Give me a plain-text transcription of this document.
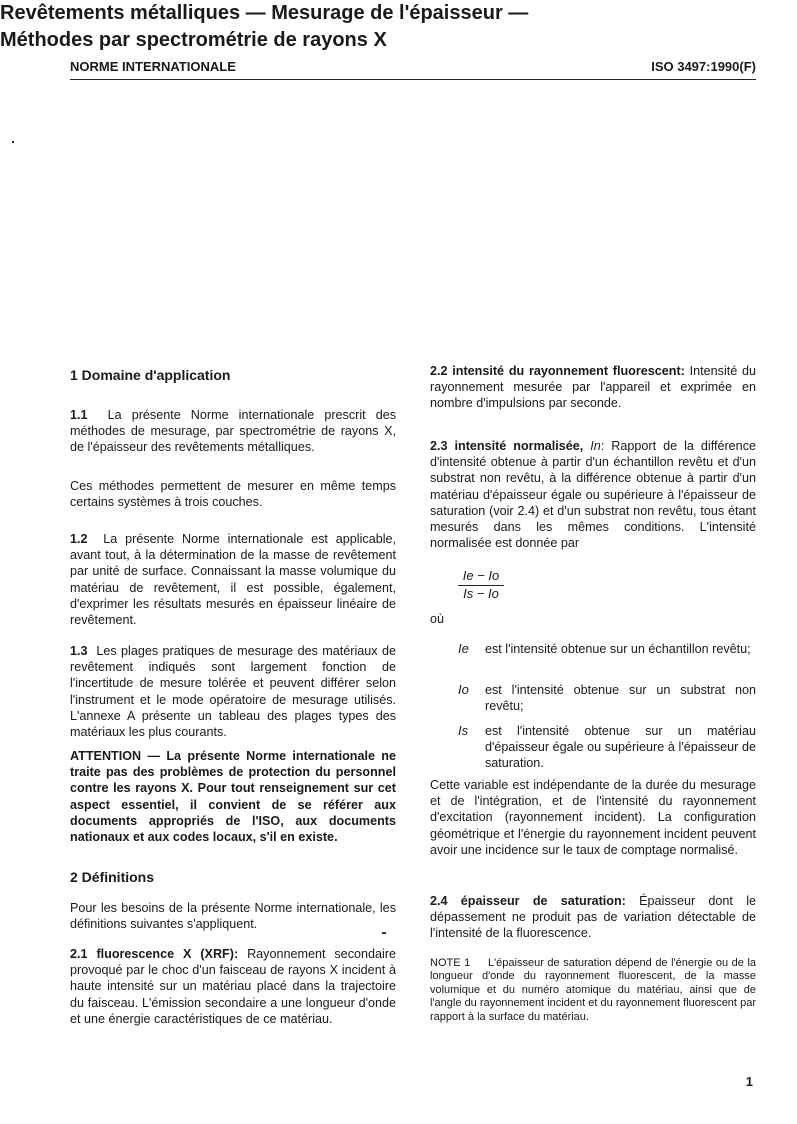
NORME INTERNATIONALE	ISO 3497:1990(F)
Revêtements métalliques — Mesurage de l'épaisseur —
Méthodes par spectrométrie de rayons X
1 Domaine d'application

1.1 La présente Norme internationale prescrit des méthodes de mesurage, par spectrométrie de rayons X, de l'épaisseur des revêtements métalliques.

Ces méthodes permettent de mesurer en même temps certains systèmes à trois couches.

1.2 La présente Norme internationale est applicable, avant tout, à la détermination de la masse de revêtement par unité de surface. Connaissant la masse volumique du matériau de revêtement, il est possible, également, d'exprimer les résultats mesurés en épaisseur linéaire de revêtement.

1.3 Les plages pratiques de mesurage des matériaux de revêtement indiqués sont largement fonction de l'incertitude de mesure tolérée et peuvent différer selon l'instrument et le mode opératoire de mesurage utilisés. L'annexe A présente un tableau des plages types des matériaux les plus courants.

ATTENTION — La présente Norme internationale ne traite pas des problèmes de protection du personnel contre les rayons X. Pour tout renseignement sur cet aspect essentiel, il convient de se référer aux documents appropriés de l'ISO, aux documents nationaux et aux codes locaux, s'il en existe.

2 Définitions

Pour les besoins de la présente Norme internationale, les définitions suivantes s'appliquent.

2.1 fluorescence X (XRF): Rayonnement secondaire provoqué par le choc d'un faisceau de rayons X incident à haute intensité sur un matériau placé dans la trajectoire du faisceau. L'émission secondaire a une longueur d'onde et une énergie caractéristiques de ce matériau.

2.2 intensité du rayonnement fluorescent: Intensité du rayonnement mesurée par l'appareil et exprimée en nombre d'impulsions par seconde.

2.3 intensité normalisée, In: Rapport de la différence d'intensité obtenue à partir d'un échantillon revêtu et d'un substrat non revêtu, à la différence obtenue à partir d'un matériau d'épaisseur égale ou supérieure à l'épaisseur de saturation (voir 2.4) et d'un substrat non revêtu, tous étant mesurés dans les mêmes conditions. L'intensité normalisée est donnée par

Ie − Io
Is − Io
où
Ie est l'intensité obtenue sur un échantillon revêtu;

Io est l'intensité obtenue sur un substrat non revêtu;

Is est l'intensité obtenue sur un matériau d'épaisseur égale ou supérieure à l'épaisseur de saturation.

Cette variable est indépendante de la durée du mesurage et de l'intégration, et de l'intensité du rayonnement d'excitation (rayonnement incident). La configuration géométrique et l'énergie du rayonnement incident peuvent avoir une incidence sur le taux de comptage normalisé.

2.4 épaisseur de saturation: Épaisseur dont le dépassement ne produit pas de variation détectable de l'intensité de la fluorescence.

NOTE 1 L'épaisseur de saturation dépend de l'énergie ou de la longueur d'onde du rayonnement fluorescent, de la masse volumique et du numéro atomique du matériau, ainsi que de l'angle du rayonnement incident et du rayonnement fluorescent par rapport à la surface du matériau.

1
